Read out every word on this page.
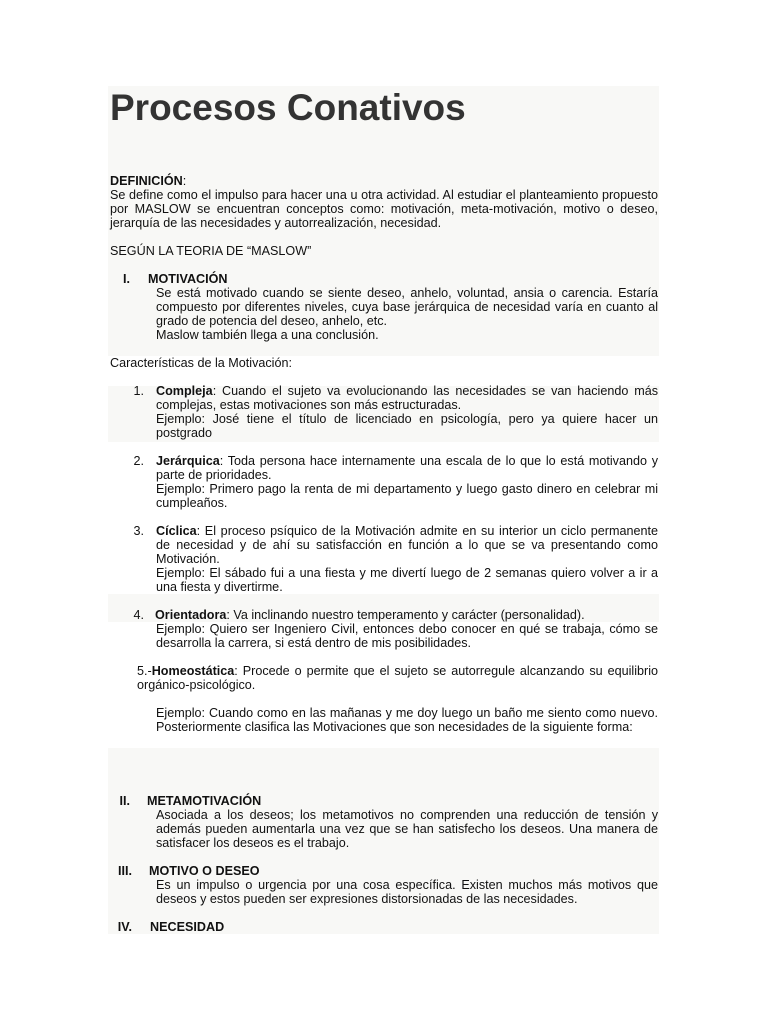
Procesos Conativos
DEFINICIÓN:

Se define como el impulso para hacer una u otra actividad. Al estudiar el planteamiento propuesto por MASLOW se encuentran conceptos como: motivación, meta-motivación, motivo o deseo, jerarquía de las necesidades y autorrealización, necesidad.

SEGÚN LA TEORIA DE “MASLOW”

I. MOTIVACIÓN

Se está motivado cuando se siente deseo, anhelo, voluntad, ansia o carencia. Estaría compuesto por diferentes niveles, cuya base jerárquica de necesidad varía en cuanto al grado de potencia del deseo, anhelo, etc.

Maslow también llega a una conclusión.

Características de la Motivación:

1. Compleja: Cuando el sujeto va evolucionando las necesidades se van haciendo más complejas, estas motivaciones son más estructuradas.

Ejemplo: José tiene el título de licenciado en psicología, pero ya quiere hacer un postgrado

2. Jerárquica: Toda persona hace internamente una escala de lo que lo está motivando y parte de prioridades.

Ejemplo: Primero pago la renta de mi departamento y luego gasto dinero en celebrar mi cumpleaños.

3. Cíclica: El proceso psíquico de la Motivación admite en su interior un ciclo permanente de necesidad y de ahí su satisfacción en función a lo que se va presentando como Motivación.

Ejemplo: El sábado fui a una fiesta y me divertí luego de 2 semanas quiero volver a ir a una fiesta y divertirme.

4. Orientadora: Va inclinando nuestro temperamento y carácter (personalidad).

Ejemplo: Quiero ser Ingeniero Civil, entonces debo conocer en qué se trabaja, cómo se desarrolla la carrera, si está dentro de mis posibilidades.

5.-Homeostática: Procede o permite que el sujeto se autorregule alcanzando su equilibrio orgánico-psicológico.

Ejemplo: Cuando como en las mañanas y me doy luego un baño me siento como nuevo. Posteriormente clasifica las Motivaciones que son necesidades de la siguiente forma:

II. METAMOTIVACIÓN

Asociada a los deseos; los metamotivos no comprenden una reducción de tensión y además pueden aumentarla una vez que se han satisfecho los deseos. Una manera de satisfacer los deseos es el trabajo.

III. MOTIVO O DESEO

Es un impulso o urgencia por una cosa específica. Existen muchos más motivos que deseos y estos pueden ser expresiones distorsionadas de las necesidades.

IV. NECESIDAD
